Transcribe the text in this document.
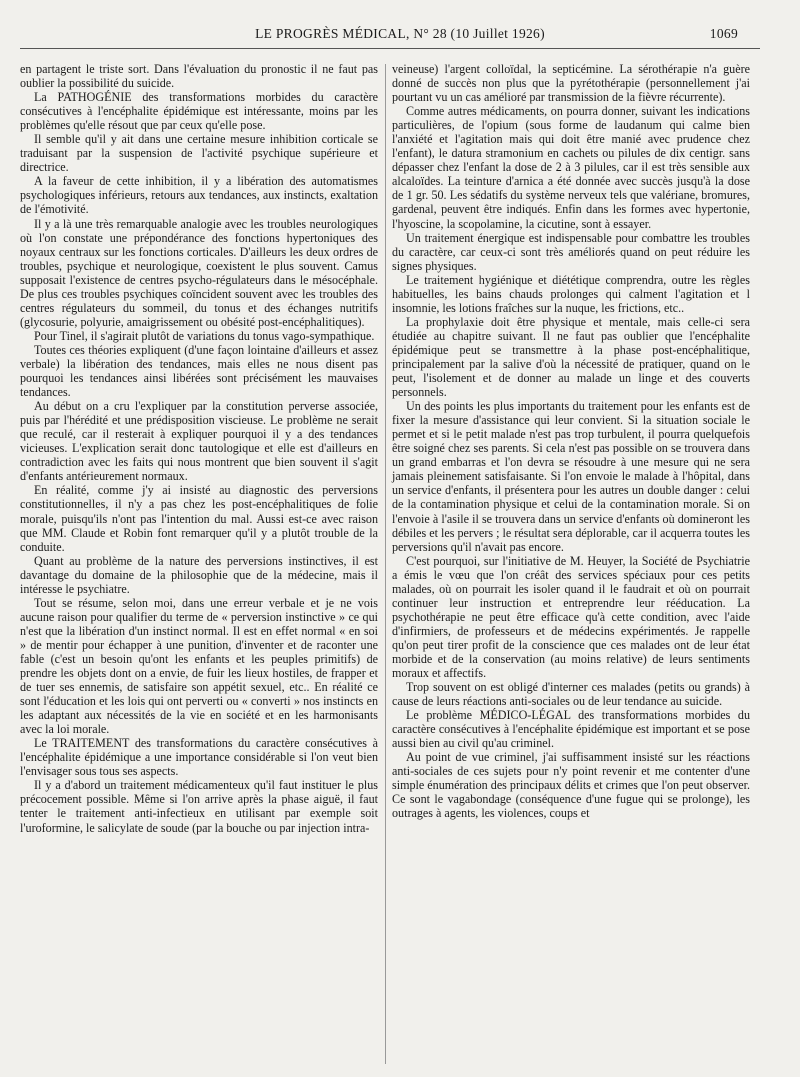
LE PROGRÈS MÉDICAL, N° 28 (10 Juillet 1926)	1069

en partagent le triste sort. Dans l'évaluation du pronostic il ne faut pas oublier la possibilité du suicide.

La PATHOGÉNIE des transformations morbides du caractère consécutives à l'encéphalite épidémique est intéressante, moins par les problèmes qu'elle résout que par ceux qu'elle pose.

Il semble qu'il y ait dans une certaine mesure inhibition corticale se traduisant par la suspension de l'activité psychique supérieure et directrice.

A la faveur de cette inhibition, il y a libération des automatismes psychologiques inférieurs, retours aux tendances, aux instincts, exaltation de l'émotivité.

Il y a là une très remarquable analogie avec les troubles neurologiques où l'on constate une prépondérance des fonctions hypertoniques des noyaux centraux sur les fonctions corticales. D'ailleurs les deux ordres de troubles, psychique et neurologique, coexistent le plus souvent. Camus supposait l'existence de centres psycho-régulateurs dans le mésocéphale. De plus ces troubles psychiques coïncident souvent avec les troubles des centres régulateurs du sommeil, du tonus et des échanges nutritifs (glycosurie, polyurie, amaigrissement ou obésité post-encéphalitiques).

Pour Tinel, il s'agirait plutôt de variations du tonus vago-sympathique.

Toutes ces théories expliquent (d'une façon lointaine d'ailleurs et assez verbale) la libération des tendances, mais elles ne nous disent pas pourquoi les tendances ainsi libérées sont précisément les mauvaises tendances.

Au début on a cru l'expliquer par la constitution perverse associée, puis par l'hérédité et une prédisposition viscieuse. Le problème ne serait que reculé, car il resterait à expliquer pourquoi il y a des tendances vicieuses. L'explication serait donc tautologique et elle est d'ailleurs en contradiction avec les faits qui nous montrent que bien souvent il s'agit d'enfants antérieurement normaux.

En réalité, comme j'y ai insisté au diagnostic des perversions constitutionnelles, il n'y a pas chez les post-encéphalitiques de folie morale, puisqu'ils n'ont pas l'intention du mal. Aussi est-ce avec raison que MM. Claude et Robin font remarquer qu'il y a plutôt trouble de la conduite.

Quant au problème de la nature des perversions instinctives, il est davantage du domaine de la philosophie que de la médecine, mais il intéresse le psychiatre.

Tout se résume, selon moi, dans une erreur verbale et je ne vois aucune raison pour qualifier du terme de « perversion instinctive » ce qui n'est que la libération d'un instinct normal. Il est en effet normal « en soi » de mentir pour échapper à une punition, d'inventer et de raconter une fable (c'est un besoin qu'ont les enfants et les peuples primitifs) de prendre les objets dont on a envie, de fuir les lieux hostiles, de frapper et de tuer ses ennemis, de satisfaire son appétit sexuel, etc.. En réalité ce sont l'éducation et les lois qui ont perverti ou « converti » nos instincts en les adaptant aux nécessités de la vie en société et en les harmonisants avec la loi morale.

Le TRAITEMENT des transformations du caractère consécutives à l'encéphalite épidémique a une importance considérable si l'on veut bien l'envisager sous tous ses aspects.

Il y a d'abord un traitement médicamenteux qu'il faut instituer le plus précocement possible. Même si l'on arrive après la phase aiguë, il faut tenter le traitement anti-infectieux en utilisant par exemple soit l'uroformine, le salicylate de soude (par la bouche ou par injection intra-

veineuse) l'argent colloïdal, la septicémine. La sérothérapie n'a guère donné de succès non plus que la pyrétothérapie (personnellement j'ai pourtant vu un cas amélioré par transmission de la fièvre récurrente).

Comme autres médicaments, on pourra donner, suivant les indications particulières, de l'opium (sous forme de laudanum qui calme bien l'anxiété et l'agitation mais qui doit être manié avec prudence chez l'enfant), le datura stramonium en cachets ou pilules de dix centigr. sans dépasser chez l'enfant la dose de 2 à 3 pilules, car il est très sensible aux alcaloïdes. La teinture d'arnica a été donnée avec succès jusqu'à la dose de 1 gr. 50. Les sédatifs du système nerveux tels que valériane, bromures, gardenal, peuvent être indiqués. Enfin dans les formes avec hypertonie, l'hyoscine, la scopolamine, la cicutine, sont à essayer.

Un traitement énergique est indispensable pour combattre les troubles du caractère, car ceux-ci sont très améliorés quand on peut réduire les signes physiques.

Le traitement hygiénique et diététique comprendra, outre les règles habituelles, les bains chauds prolonges qui calment l'agitation et l insomnie, les lotions fraîches sur la nuque, les frictions, etc..

La prophylaxie doit être physique et mentale, mais celle-ci sera étudiée au chapitre suivant. Il ne faut pas oublier que l'encéphalite épidémique peut se transmettre à la phase post-encéphalitique, principalement par la salive d'où la nécessité de pratiquer, quand on le peut, l'isolement et de donner au malade un linge et des couverts personnels.

Un des points les plus importants du traitement pour les enfants est de fixer la mesure d'assistance qui leur convient. Si la situation sociale le permet et si le petit malade n'est pas trop turbulent, il pourra quelquefois être soigné chez ses parents. Si cela n'est pas possible on se trouvera dans un grand embarras et l'on devra se résoudre à une mesure qui ne sera jamais pleinement satisfaisante. Si l'on envoie le malade à l'hôpital, dans un service d'enfants, il présentera pour les autres un double danger : celui de la contamination physique et celui de la contamination morale. Si on l'envoie à l'asile il se trouvera dans un service d'enfants où domineront les débiles et les pervers ; le résultat sera déplorable, car il acquerra toutes les perversions qu'il n'avait pas encore.

C'est pourquoi, sur l'initiative de M. Heuyer, la Société de Psychiatrie a émis le vœu que l'on créât des services spéciaux pour ces petits malades, où on pourrait les isoler quand il le faudrait et où on pourrait continuer leur instruction et entreprendre leur rééducation. La psychothérapie ne peut être efficace qu'à cette condition, avec l'aide d'infirmiers, de professeurs et de médecins expérimentés. Je rappelle qu'on peut tirer profit de la conscience que ces malades ont de leur état morbide et de la conservation (au moins relative) de leurs sentiments moraux et affectifs.

Trop souvent on est obligé d'interner ces malades (petits ou grands) à cause de leurs réactions anti-sociales ou de leur tendance au suicide.

Le problème MÉDICO-LÉGAL des transformations morbides du caractère consécutives à l'encéphalite épidémique est important et se pose aussi bien au civil qu'au criminel.

Au point de vue criminel, j'ai suffisamment insisté sur les réactions anti-sociales de ces sujets pour n'y point revenir et me contenter d'une simple énumération des principaux délits et crimes que l'on peut observer. Ce sont le vagabondage (conséquence d'une fugue qui se prolonge), les outrages à agents, les violences, coups et
